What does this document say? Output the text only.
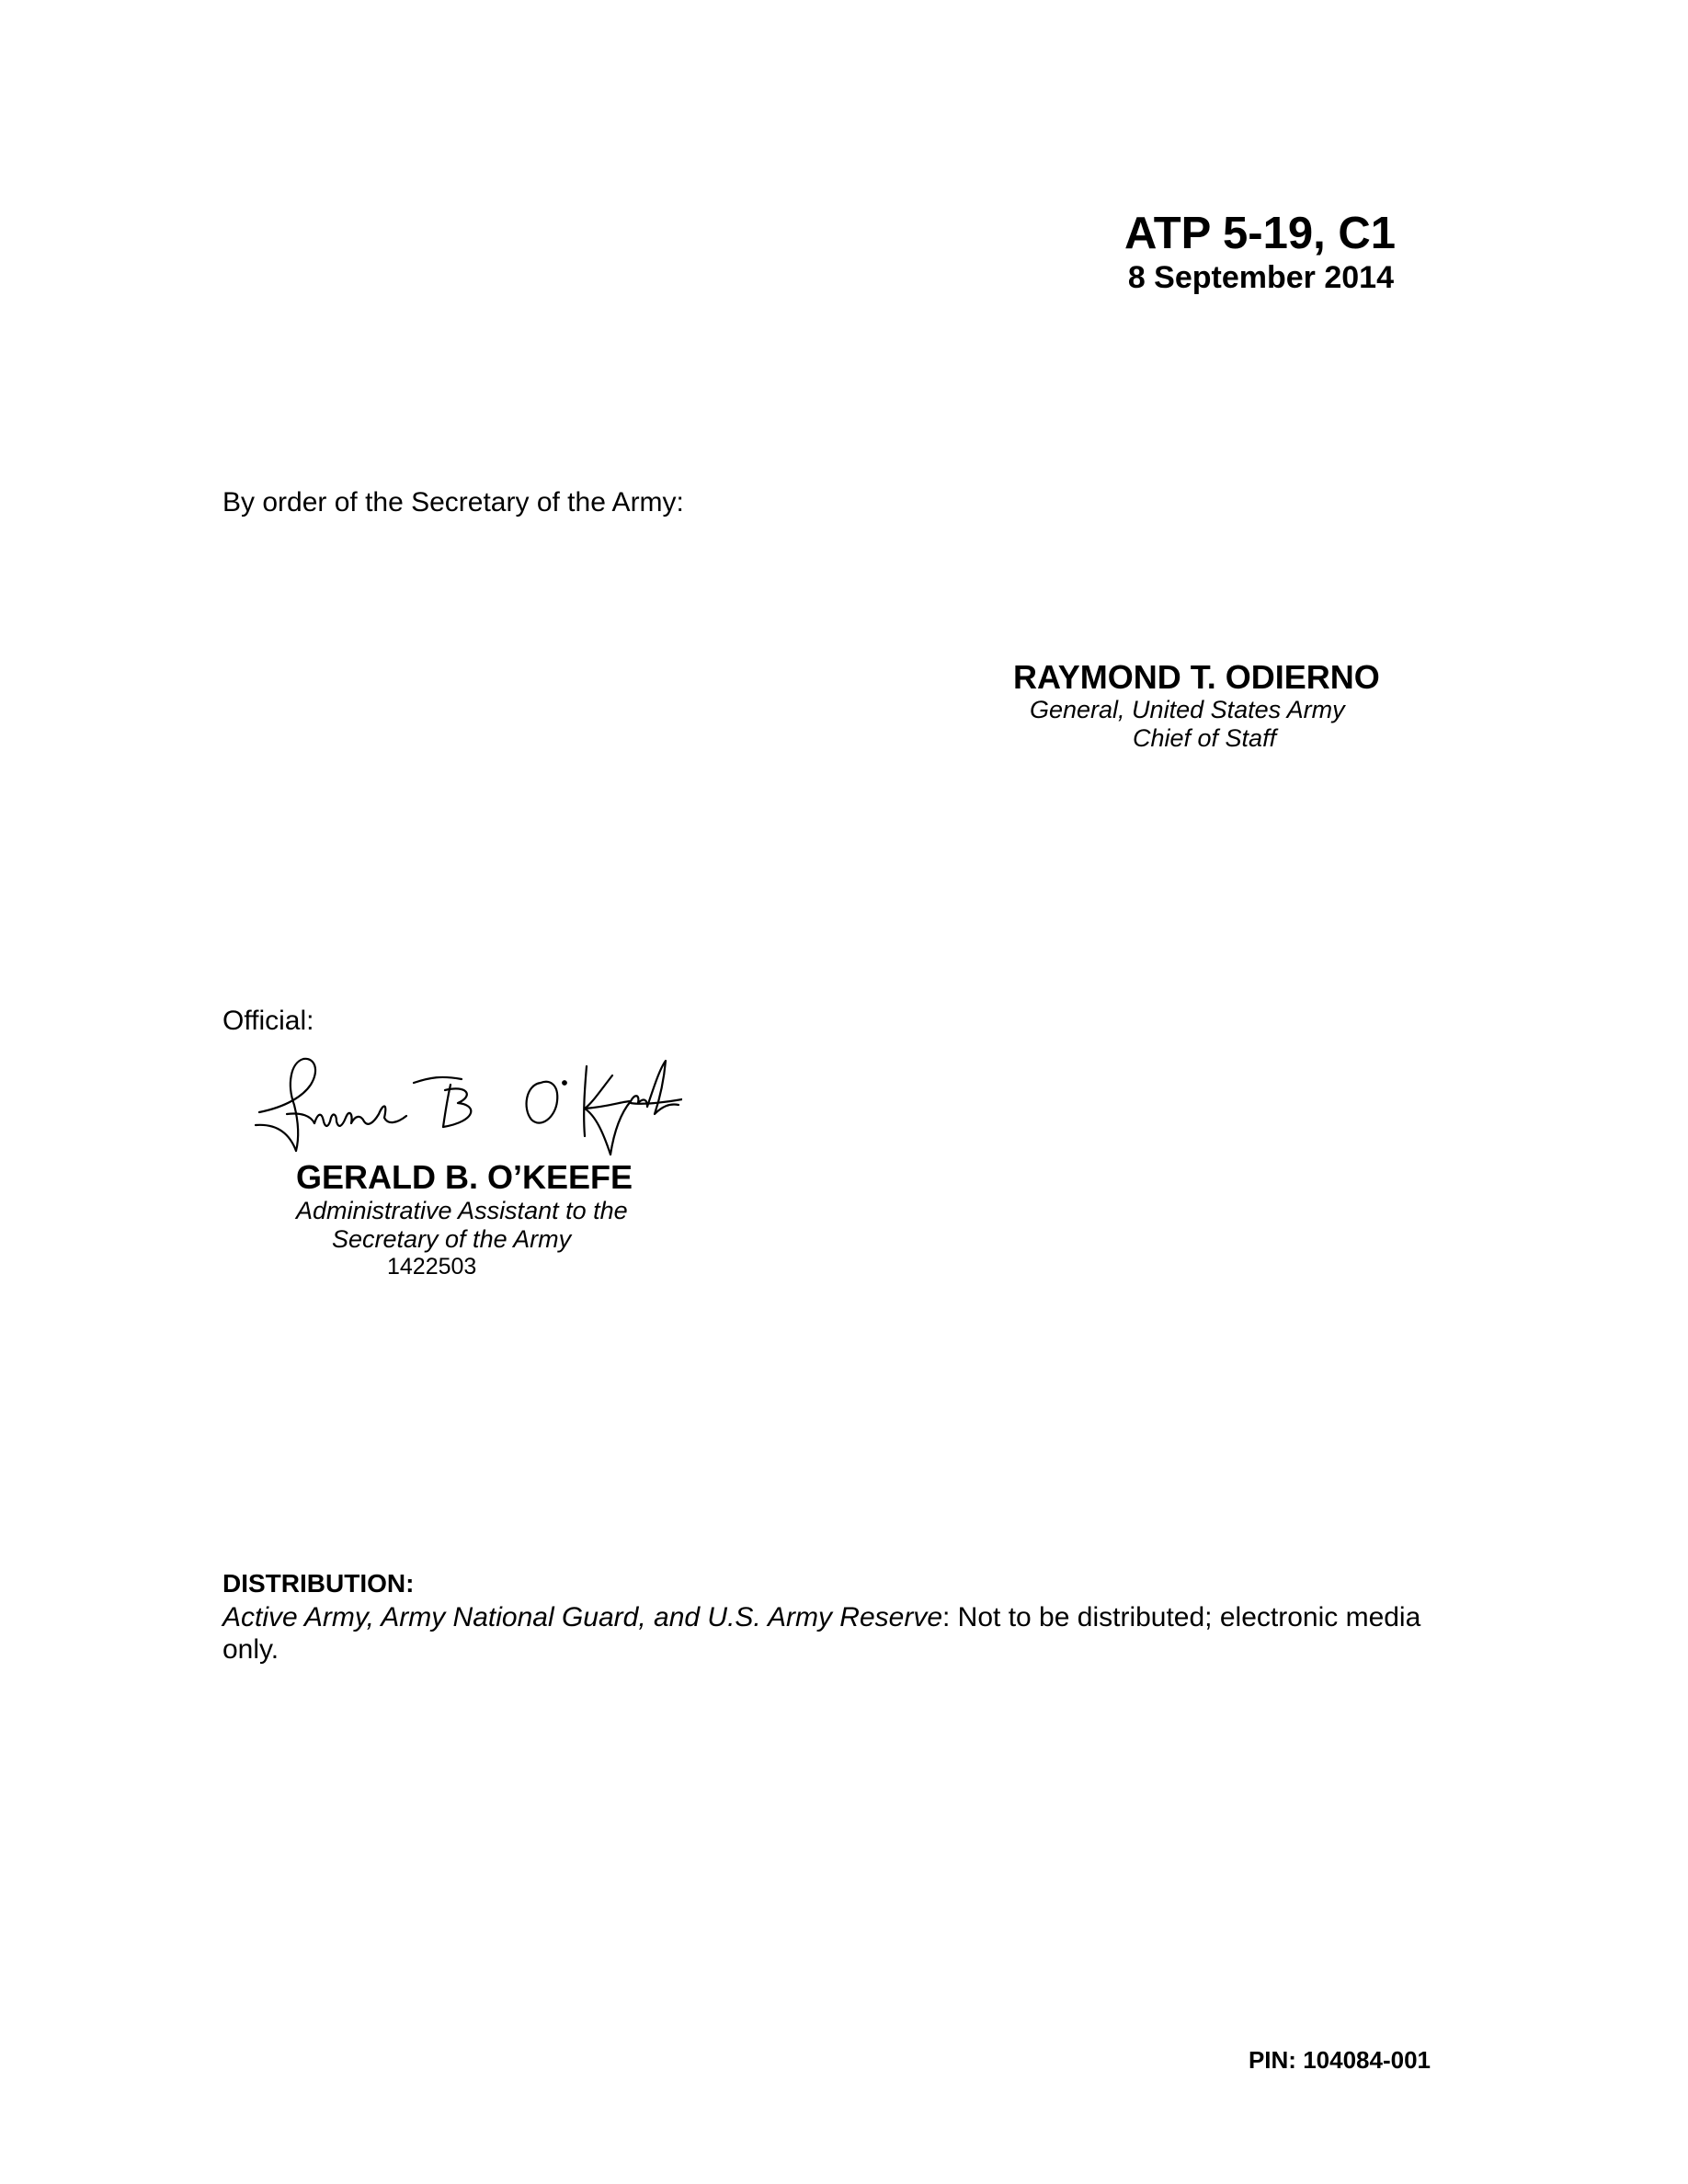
ATP 5-19, C1
8 September 2014
By order of the Secretary of the Army:
RAYMOND T. ODIERNO
General, United States Army
Chief of Staff
Official:
GERALD B. O’KEEFE
Administrative Assistant to the
Secretary of the Army
1422503
DISTRIBUTION:
Active Army, Army National Guard, and U.S. Army Reserve: Not to be distributed; electronic media only.
PIN: 104084-001
